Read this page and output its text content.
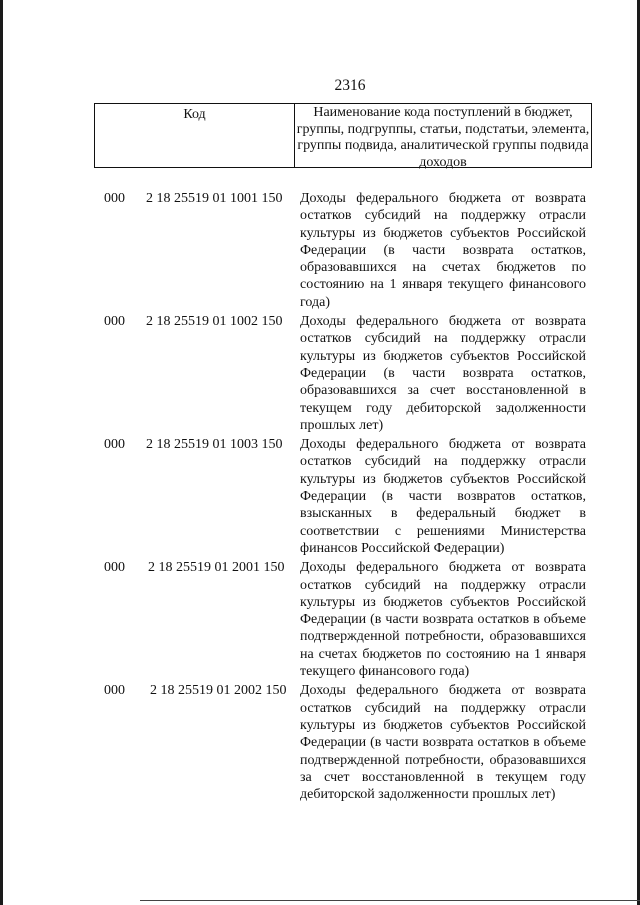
2316
Код	Наименование кода поступлений в бюджет, группы, подгруппы, статьи, подстатьи, элемента, группы подвида, аналитической группы подвида доходов
000 2 18 25519 01 1001 150 Доходы федерального бюджета от возврата остатков субсидий на поддержку отрасли культуры из бюджетов субъектов Российской Федерации (в части возврата остатков, образовавшихся на счетах бюджетов по состоянию на 1 января текущего финансового года)
000 2 18 25519 01 1002 150 Доходы федерального бюджета от возврата остатков субсидий на поддержку отрасли культуры из бюджетов субъектов Российской Федерации (в части возврата остатков, образовавшихся за счет восстановленной в текущем году дебиторской задолженности прошлых лет)
000 2 18 25519 01 1003 150 Доходы федерального бюджета от возврата остатков субсидий на поддержку отрасли культуры из бюджетов субъектов Российской Федерации (в части возвратов остатков, взысканных в федеральный бюджет в соответствии с решениями Министерства финансов Российской Федерации)
000 2 18 25519 01 2001 150 Доходы федерального бюджета от возврата остатков субсидий на поддержку отрасли культуры из бюджетов субъектов Российской Федерации (в части возврата остатков в объеме подтвержденной потребности, образовавшихся на счетах бюджетов по состоянию на 1 января текущего финансового года)
000 2 18 25519 01 2002 150 Доходы федерального бюджета от возврата остатков субсидий на поддержку отрасли культуры из бюджетов субъектов Российской Федерации (в части возврата остатков в объеме подтвержденной потребности, образовавшихся за счет восстановленной в текущем году дебиторской задолженности прошлых лет)
